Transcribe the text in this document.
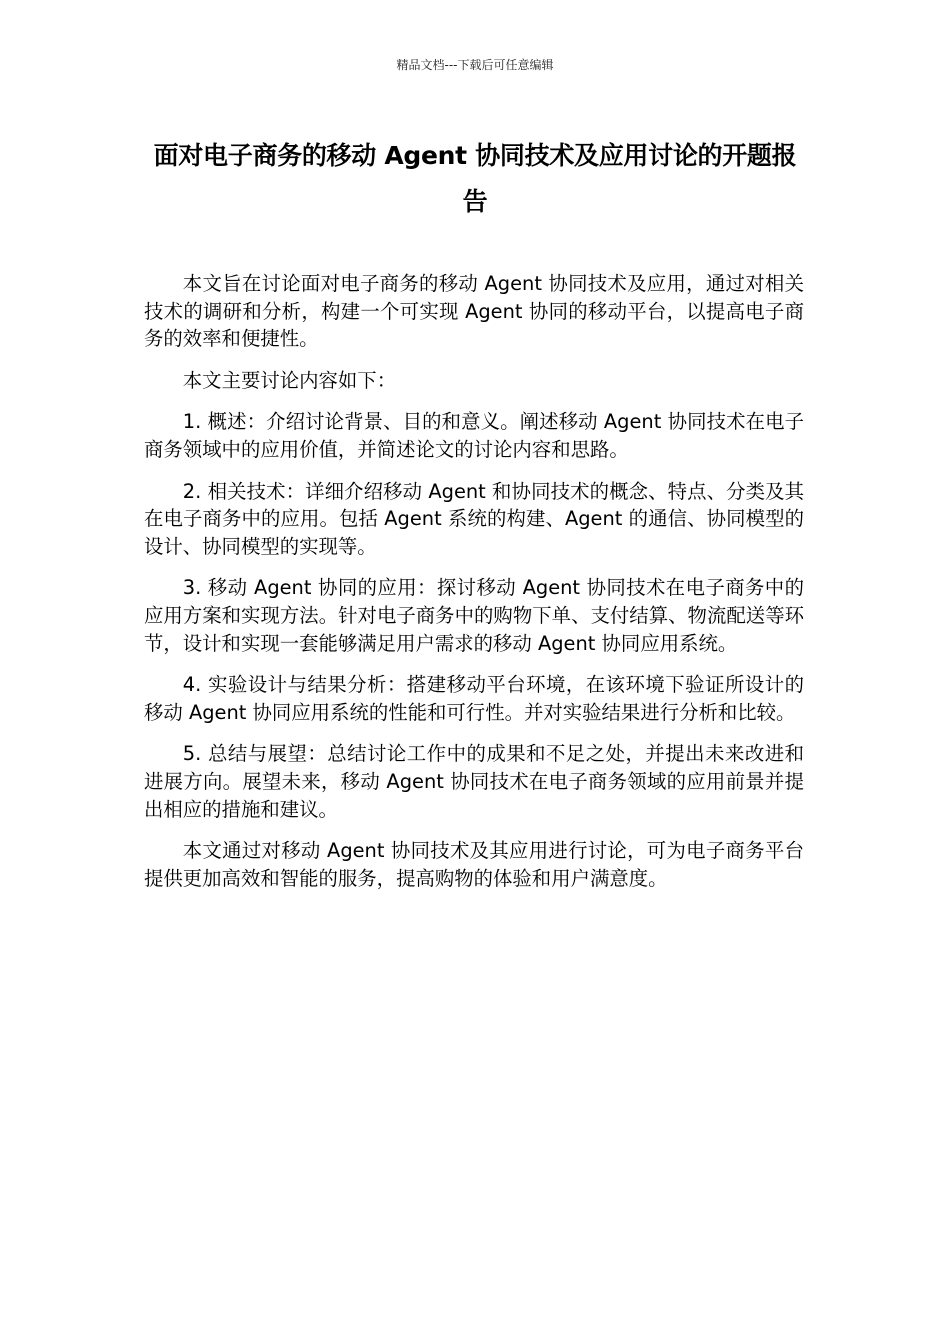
精品文档---下载后可任意编辑
面对电子商务的移动 Agent 协同技术及应用讨论的开题报告

本文旨在讨论面对电子商务的移动 Agent 协同技术及应用，通过对相关技术的调研和分析，构建一个可实现 Agent 协同的移动平台，以提高电子商务的效率和便捷性。

本文主要讨论内容如下：

1. 概述：介绍讨论背景、目的和意义。阐述移动 Agent 协同技术在电子商务领域中的应用价值，并简述论文的讨论内容和思路。

2. 相关技术：详细介绍移动 Agent 和协同技术的概念、特点、分类及其在电子商务中的应用。包括 Agent 系统的构建、Agent 的通信、协同模型的设计、协同模型的实现等。

3. 移动 Agent 协同的应用：探讨移动 Agent 协同技术在电子商务中的应用方案和实现方法。针对电子商务中的购物下单、支付结算、物流配送等环节，设计和实现一套能够满足用户需求的移动 Agent 协同应用系统。

4. 实验设计与结果分析：搭建移动平台环境，在该环境下验证所设计的移动 Agent 协同应用系统的性能和可行性。并对实验结果进行分析和比较。

5. 总结与展望：总结讨论工作中的成果和不足之处，并提出未来改进和进展方向。展望未来，移动 Agent 协同技术在电子商务领域的应用前景并提出相应的措施和建议。

本文通过对移动 Agent 协同技术及其应用进行讨论，可为电子商务平台提供更加高效和智能的服务，提高购物的体验和用户满意度。
